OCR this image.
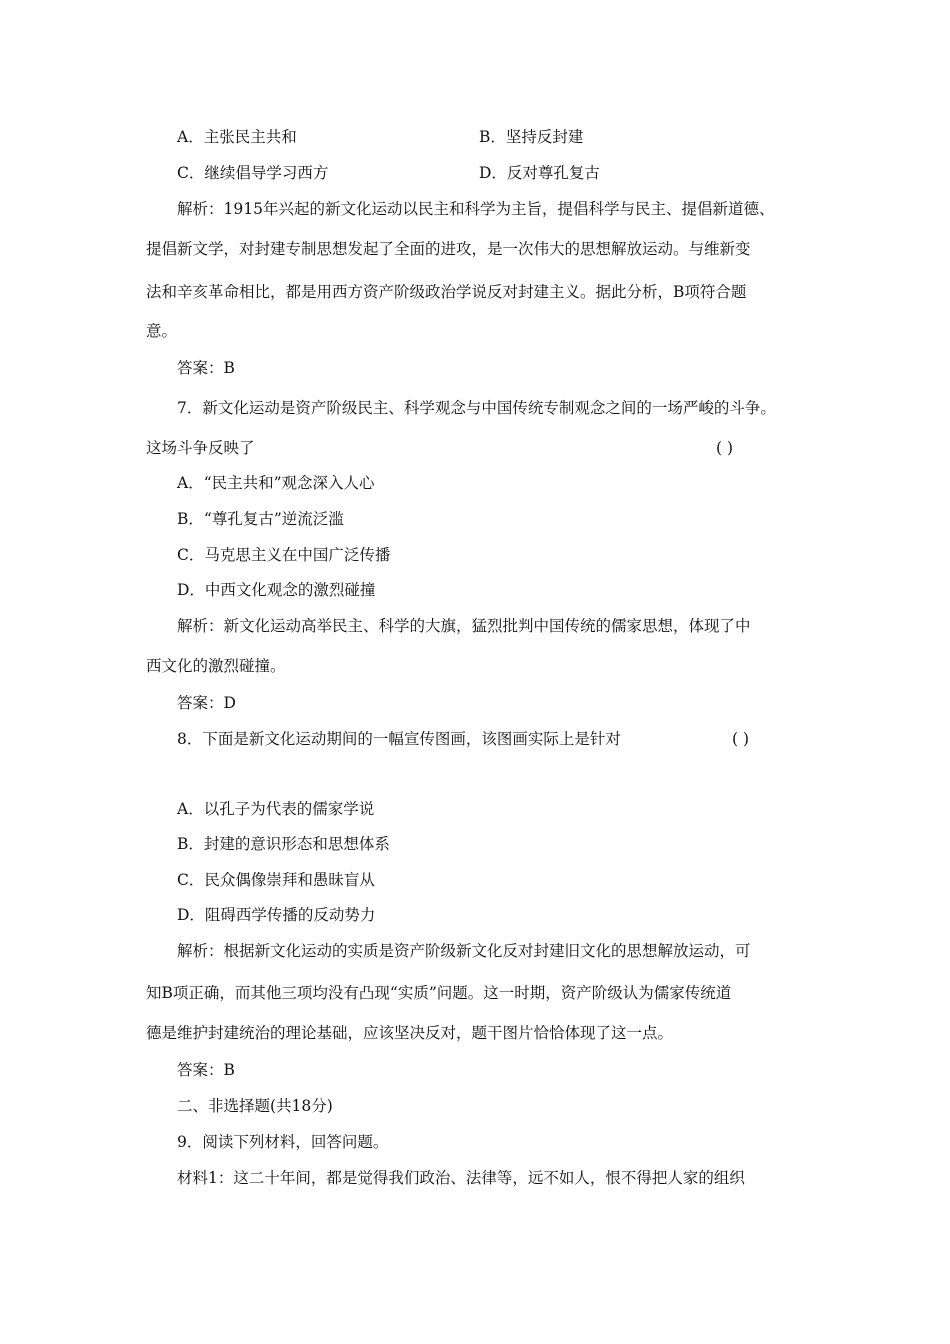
A．主张民主共和	B．坚持反封建
C．继续倡导学习西方	D．反对尊孔复古
解析：1915年兴起的新文化运动以民主和科学为主旨，提倡科学与民主、提倡新道德、
提倡新文学，对封建专制思想发起了全面的进攻，是一次伟大的思想解放运动。与维新变
法和辛亥革命相比，都是用西方资产阶级政治学说反对封建主义。据此分析，B项符合题
意。
答案：B
7．新文化运动是资产阶级民主、科学观念与中国传统专制观念之间的一场严峻的斗争。
这场斗争反映了	( )
A．“民主共和”观念深入人心
B．“尊孔复古”逆流泛滥
C．马克思主义在中国广泛传播
D．中西文化观念的激烈碰撞
解析：新文化运动高举民主、科学的大旗，猛烈批判中国传统的儒家思想，体现了中
西文化的激烈碰撞。
答案：D
8．下面是新文化运动期间的一幅宣传图画，该图画实际上是针对	( )
A．以孔子为代表的儒家学说
B．封建的意识形态和思想体系
C．民众偶像崇拜和愚昧盲从
D．阻碍西学传播的反动势力
解析：根据新文化运动的实质是资产阶级新文化反对封建旧文化的思想解放运动，可
知B项正确，而其他三项均没有凸现“实质”问题。这一时期，资产阶级认为儒家传统道
德是维护封建统治的理论基础，应该坚决反对，题干图片恰恰体现了这一点。
答案：B
二、非选择题(共18分)
9．阅读下列材料，回答问题。
材料1：这二十年间，都是觉得我们政治、法律等，远不如人，恨不得把人家的组织
